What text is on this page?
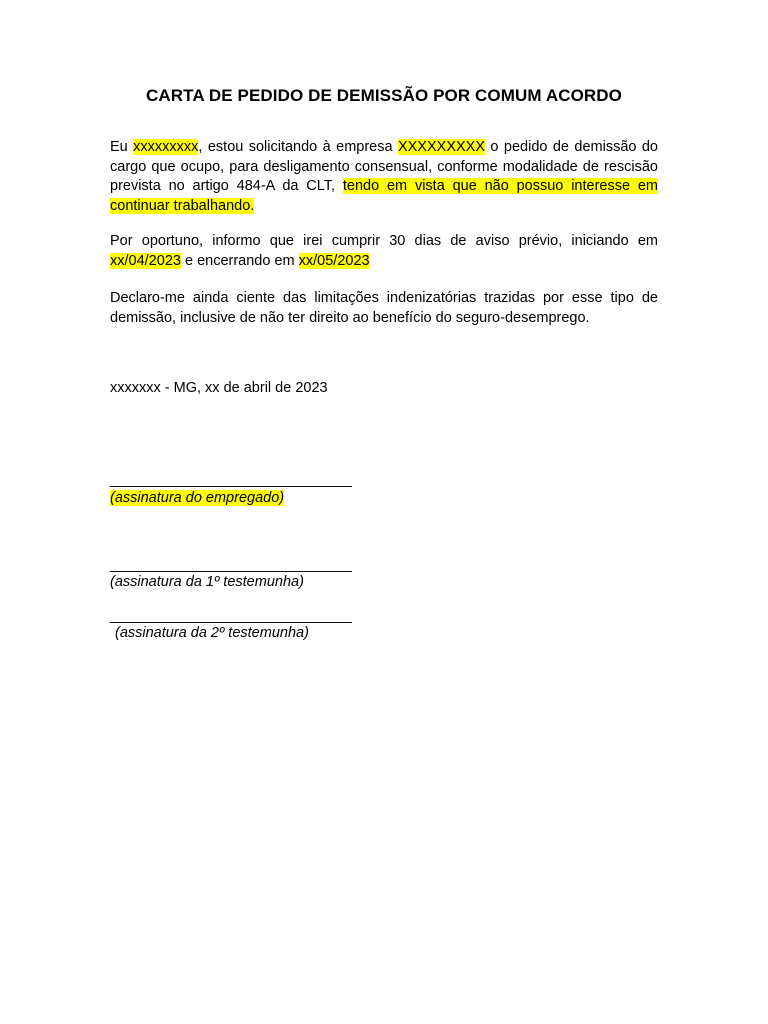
CARTA DE PEDIDO DE DEMISSÃO POR COMUM ACORDO
Eu xxxxxxxxx, estou solicitando à empresa XXXXXXXXX o pedido de demissão do cargo que ocupo, para desligamento consensual, conforme modalidade de rescisão prevista no artigo 484-A da CLT, tendo em vista que não possuo interesse em continuar trabalhando.
Por oportuno, informo que irei cumprir 30 dias de aviso prévio, iniciando em xx/04/2023 e encerrando em xx/05/2023
Declaro-me ainda ciente das limitações indenizatórias trazidas por esse tipo de demissão, inclusive de não ter direito ao benefício do seguro-desemprego.
xxxxxxx - MG, xx de abril de 2023
______________________________
(assinatura do empregado)
______________________________
(assinatura da 1º testemunha)
______________________________
(assinatura da 2º testemunha)
